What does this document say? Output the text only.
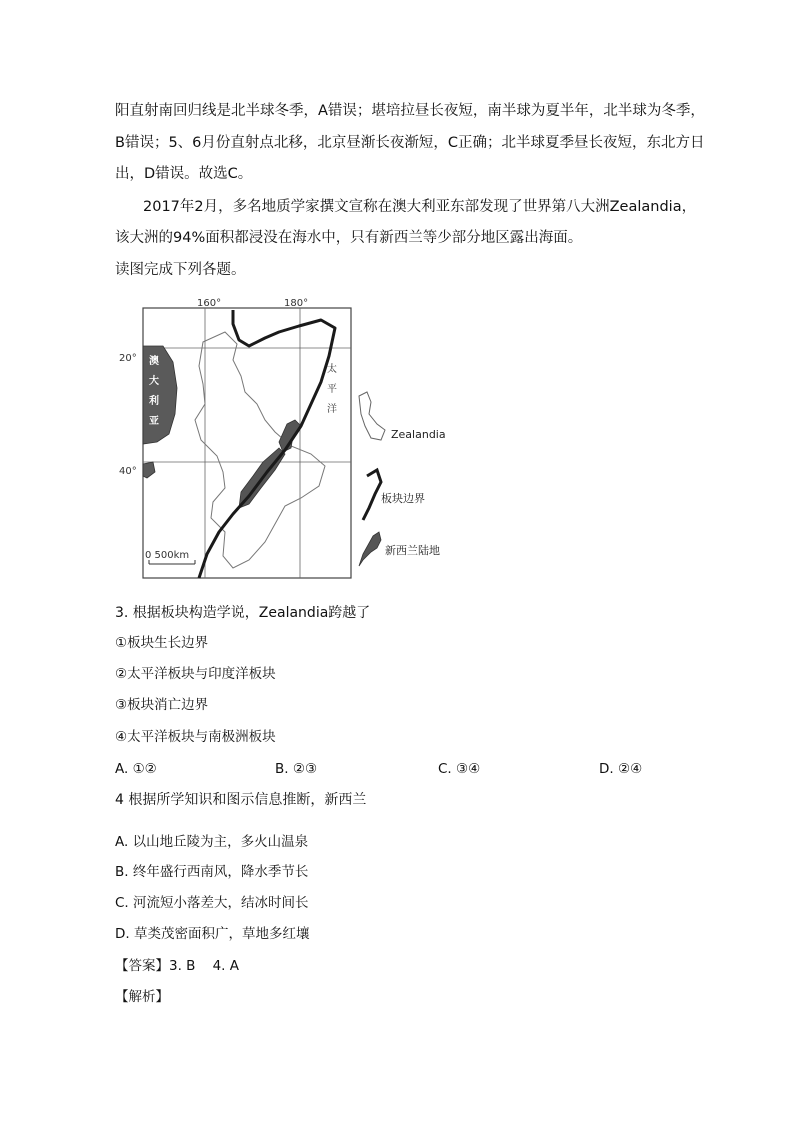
阳直射南回归线是北半球冬季，A错误；堪培拉昼长夜短，南半球为夏半年，北半球为冬季，
B错误；5、6月份直射点北移，北京昼渐长夜渐短，C正确；北半球夏季昼长夜短，东北方日
出，D错误。故选C。
2017年2月，多名地质学家撰文宣称在澳大利亚东部发现了世界第八大洲Zealandia，
该大洲的94%面积都浸没在海水中，只有新西兰等少部分地区露出海面。
读图完成下列各题。
160°	180°
20°
40°
澳
大
利
亚
太
平
洋
0 500km
Zealandia
板块边界
新西兰陆地
3. 根据板块构造学说，Zealandia跨越了
①板块生长边界
②太平洋板块与印度洋板块
③板块消亡边界
④太平洋板块与南极洲板块
A. ①②	B. ②③	C. ③④	D. ②④
4 根据所学知识和图示信息推断，新西兰
A. 以山地丘陵为主，多火山温泉
B. 终年盛行西南风，降水季节长
C. 河流短小落差大，结冰时间长
D. 草类茂密面积广，草地多红壤
【答案】3. B    4. A
【解析】
